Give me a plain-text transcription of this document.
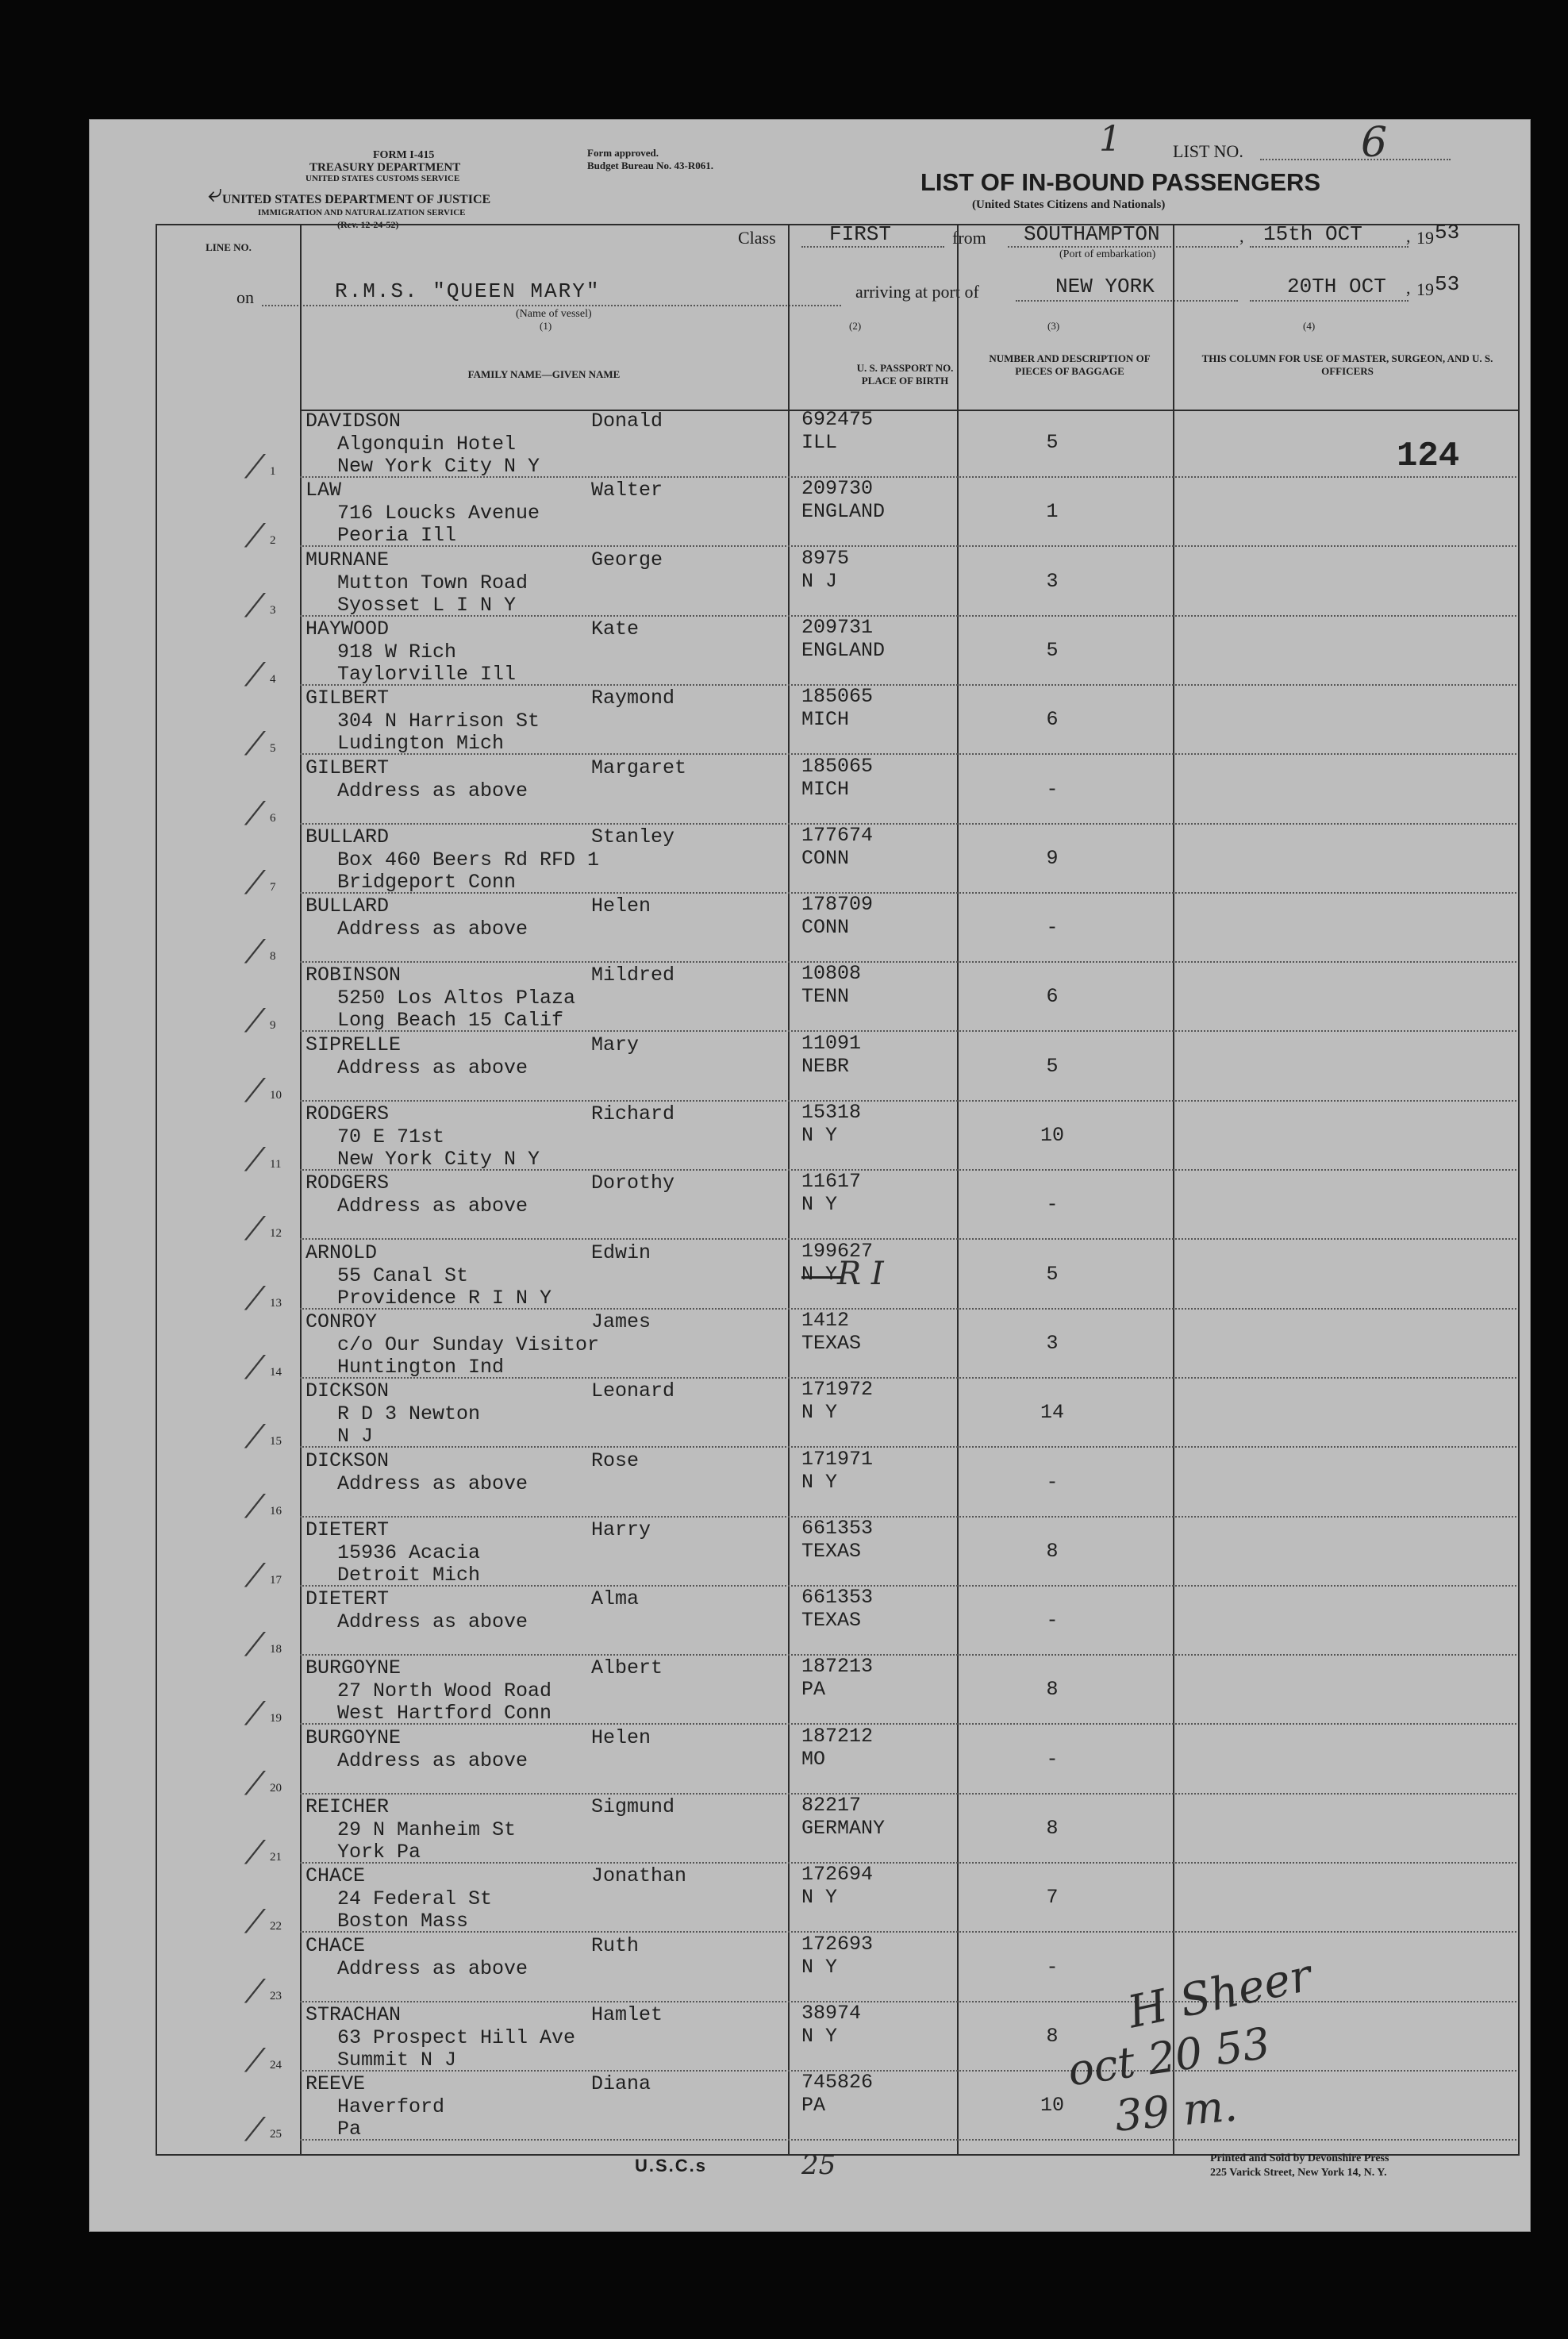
FORM I-415
TREASURY DEPARTMENT
UNITED STATES CUSTOMS SERVICE
UNITED STATES DEPARTMENT OF JUSTICE
IMMIGRATION AND NATURALIZATION SERVICE
(Rev. 12-24-52)
Form approved.
Budget Bureau No. 43-R061.
⤶
1	LIST NO.	6
LIST OF IN-BOUND PASSENGERS
(United States Citizens and Nationals)
Class	FIRST	from SOUTHAMPTON
(Port of embarkation)
, 15th OCT	, 19 53
on	R.M.S. "QUEEN MARY"
(Name of vessel)
(1)	(2)	(3)	(4)
arriving at port of	NEW YORK	20TH OCT , 19 53
LINE NO.
FAMILY NAME—GIVEN NAME
U. S. PASSPORT NO. PLACE OF BIRTH
NUMBER AND DESCRIPTION OF PIECES OF BAGGAGE
THIS COLUMN FOR USE OF MASTER, SURGEON, AND U. S. OFFICERS
1
DAVIDSON	Donald
Algonquin Hotel
New York City N Y
692475
ILL	5
⁄
2
LAW	Walter
716 Loucks Avenue
Peoria Ill
209730
ENGLAND	1
⁄
3
MURNANE	George
Mutton Town Road
Syosset L I N Y
8975
N J	3
⁄
4
HAYWOOD	Kate
918 W Rich
Taylorville Ill
209731
ENGLAND	5
⁄
5
GILBERT	Raymond
304 N Harrison St
Ludington Mich
185065
MICH	6
⁄
6
GILBERT	Margaret
Address as above
185065
MICH	-
⁄
7
BULLARD	Stanley
Box 460 Beers Rd RFD 1
Bridgeport Conn
177674
CONN	9
⁄
8
BULLARD	Helen
Address as above
178709
CONN	-
⁄
9
ROBINSON	Mildred
5250 Los Altos Plaza
Long Beach 15 Calif
10808
TENN	6
⁄
10
SIPRELLE	Mary
Address as above
11091
NEBR	5
⁄
11
RODGERS	Richard
70 E 71st
New York City N Y
15318
N Y	10
⁄
12
RODGERS	Dorothy
Address as above
11617
N Y	-
⁄
13
ARNOLD	Edwin
55 Canal St
Providence R I N Y
199627
N Y	5
⁄
14
CONROY	James
c/o Our Sunday Visitor
Huntington Ind
1412
TEXAS	3
⁄
15
DICKSON	Leonard
R D 3 Newton
N J
171972
N Y	14
⁄
16
DICKSON	Rose
Address as above
171971
N Y	-
⁄
17
DIETERT	Harry
15936 Acacia
Detroit Mich
661353
TEXAS	8
⁄
18
DIETERT	Alma
Address as above
661353
TEXAS	-
⁄
19
BURGOYNE	Albert
27 North Wood Road
West Hartford Conn
187213
PA	8
⁄
20
BURGOYNE	Helen
Address as above
187212
MO	-
⁄
21
REICHER	Sigmund
29 N Manheim St
York Pa
82217
GERMANY	8
⁄
22
CHACE	Jonathan
24 Federal St
Boston Mass
172694
N Y	7
⁄
23
CHACE	Ruth
Address as above
172693
N Y	-
⁄
24
STRACHAN	Hamlet
63 Prospect Hill Ave
Summit N J
38974
N Y	8
⁄
25
REEVE	Diana
Haverford
Pa
745826
PA	10
⁄
124
R I
H Sheer
oct 20 53
39 m.
U.S.C.s	25	Printed and Sold by Devonshire Press
225 Varick Street, New York 14, N. Y.
